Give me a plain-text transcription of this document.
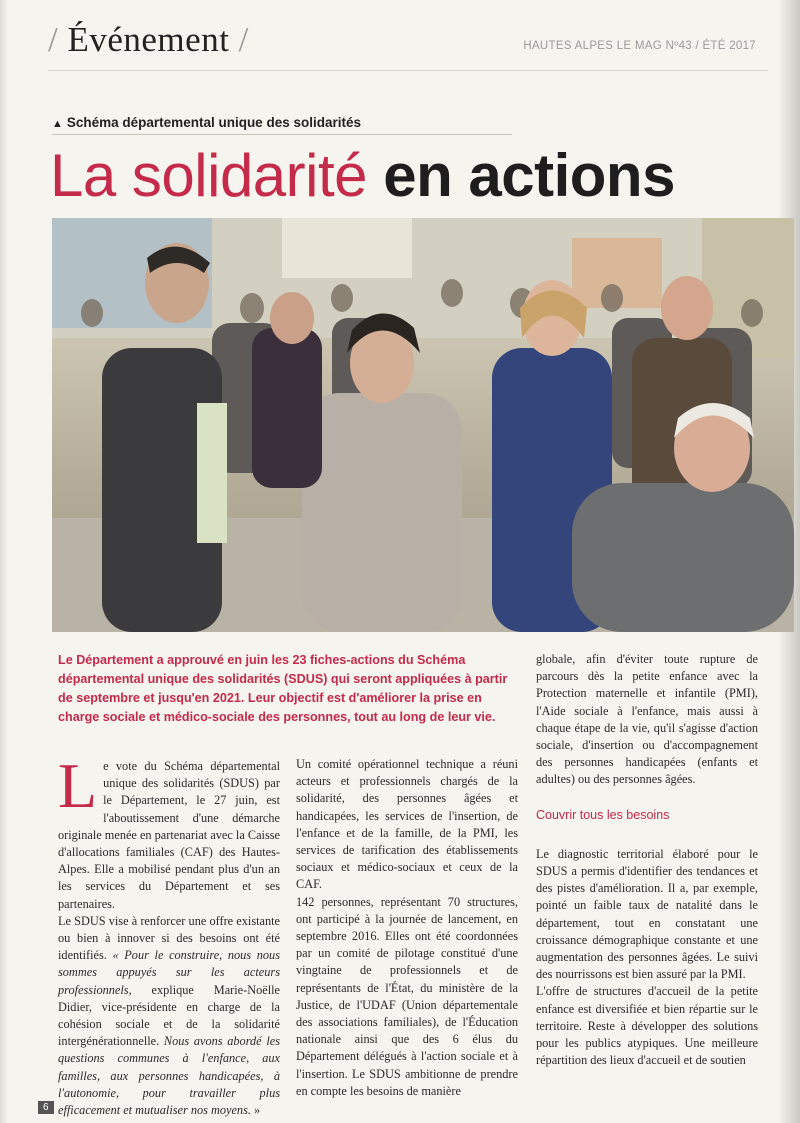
/ Événement /	HAUTES ALPES LE MAG Nº43 / ÉTÉ 2017
▲ Schéma départemental unique des solidarités
La solidarité en actions

Le Département a approuvé en juin les 23 fiches-actions du Schéma départemental unique des solidarités (SDUS) qui seront appliquées à partir de septembre et jusqu'en 2021. Leur objectif est d'améliorer la prise en charge sociale et médico-sociale des personnes, tout au long de leur vie.

Le vote du Schéma départemental unique des solidarités (SDUS) par le Département, le 27 juin, est l'aboutissement d'une démarche originale menée en partenariat avec la Caisse d'allocations familiales (CAF) des Hautes-Alpes. Elle a mobilisé pendant plus d'un an les services du Département et ses partenaires.

Le SDUS vise à renforcer une offre existante ou bien à innover si des besoins ont été identifiés. « Pour le construire, nous nous sommes appuyés sur les acteurs professionnels, explique Marie-Noëlle Didier, vice-présidente en charge de la cohésion sociale et de la solidarité intergénérationnelle. Nous avons abordé les questions communes à l'enfance, aux familles, aux personnes handicapées, à l'autonomie, pour travailler plus efficacement et mutualiser nos moyens. »

Un comité opérationnel technique a réuni acteurs et professionnels chargés de la solidarité, des personnes âgées et handicapées, les services de l'insertion, de l'enfance et de la famille, de la PMI, les services de tarification des établissements sociaux et médico-sociaux et ceux de la CAF.

142 personnes, représentant 70 structures, ont participé à la journée de lancement, en septembre 2016. Elles ont été coordonnées par un comité de pilotage constitué d'une vingtaine de professionnels et de représentants de l'État, du ministère de la Justice, de l'UDAF (Union départementale des associations familiales), de l'Éducation nationale ainsi que des 6 élus du Département délégués à l'action sociale et à l'insertion. Le SDUS ambitionne de prendre en compte les besoins de manière

globale, afin d'éviter toute rupture de parcours dès la petite enfance avec la Protection maternelle et infantile (PMI), l'Aide sociale à l'enfance, mais aussi à chaque étape de la vie, qu'il s'agisse d'action sociale, d'insertion ou d'accompagnement des personnes handicapées (enfants et adultes) ou des personnes âgées.

Couvrir tous les besoins

Le diagnostic territorial élaboré pour le SDUS a permis d'identifier des tendances et des pistes d'amélioration. Il a, par exemple, pointé un faible taux de natalité dans le département, tout en constatant une croissance démographique constante et une augmentation des personnes âgées. Le suivi des nourrissons est bien assuré par la PMI.

L'offre de structures d'accueil de la petite enfance est diversifiée et bien répartie sur le territoire. Reste à développer des solutions pour les publics atypiques. Une meilleure répartition des lieux d'accueil et de soutien

6
